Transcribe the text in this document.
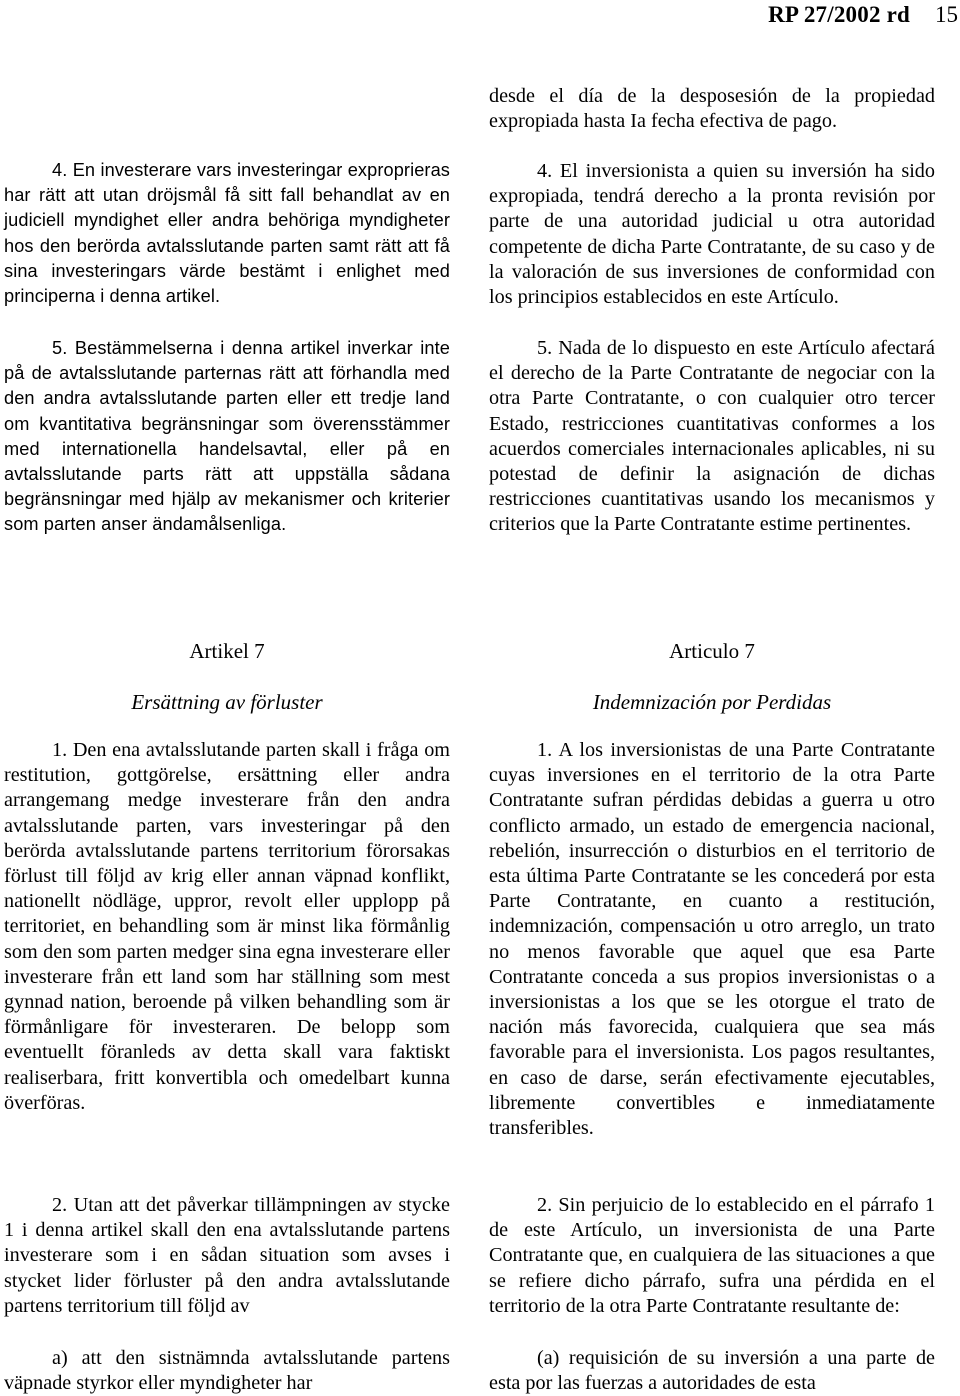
RP 27/2002 rd 15

4. En investerare vars investeringar exproprieras har rätt att utan dröjsmål få sitt fall behandlat av en judiciell myndighet eller andra behöriga myndigheter hos den berörda avtalsslutande parten samt rätt att få sina investeringars värde bestämt i enlighet med principerna i denna artikel.

5. Bestämmelserna i denna artikel inverkar inte på de avtalsslutande parternas rätt att förhandla med den andra avtalsslutande parten eller ett tredje land om kvantitativa begränsningar som överensstämmer med internationella handelsavtal, eller på en avtalsslutande parts rätt att uppställa sådana begränsningar med hjälp av mekanismer och kriterier som parten anser ändamålsenliga.

Artikel 7
Ersättning av förluster

1. Den ena avtalsslutande parten skall i fråga om restitution, gottgörelse, ersättning eller andra arrangemang medge investerare från den andra avtalsslutande parten, vars investeringar på den berörda avtalsslutande partens territorium förorsakas förlust till följd av krig eller annan väpnad konflikt, nationellt nödläge, uppror, revolt eller upplopp på territoriet, en behandling som är minst lika förmånlig som den som parten medger sina egna investerare eller investerare från ett land som har ställning som mest gynnad nation, beroende på vilken behandling som är förmånligare för investeraren. De belopp som eventuellt föranleds av detta skall vara faktiskt realiserbara, fritt konvertibla och omedelbart kunna överföras.

2. Utan att det påverkar tillämpningen av stycke 1 i denna artikel skall den ena avtalsslutande partens investerare som i en sådan situation som avses i stycket lider förluster på den andra avtalsslutande partens territorium till följd av

a) att den sistnämnda avtalsslutande partens väpnade styrkor eller myndigheter har

desde el día de la desposesión de la propiedad expropiada hasta Ia fecha efectiva de pago.

4. El inversionista a quien su inversión ha sido expropiada, tendrá derecho a la pronta revisión por parte de una autoridad judicial u otra autoridad competente de dicha Parte Contratante, de su caso y de la valoración de sus inversiones de conformidad con los principios establecidos en este Artículo.

5. Nada de lo dispuesto en este Artículo afectará el derecho de la Parte Contratante de negociar con la otra Parte Contratante, o con cualquier otro tercer Estado, restricciones cuantitativas conformes a los acuerdos comerciales internacionales aplicables, ni su potestad de definir la asignación de dichas restricciones cuantitativas usando los mecanismos y criterios que la Parte Contratante estime pertinentes.

Articulo 7
Indemnización por Perdidas

1. A los inversionistas de una Parte Contratante cuyas inversiones en el territorio de la otra Parte Contratante sufran pérdidas debidas a guerra u otro conflicto armado, un estado de emergencia nacional, rebelión, insurrección o disturbios en el territorio de esta última Parte Contratante se les concederá por esta Parte Contratante, en cuanto a restitución, indemnización, compensación u otro arreglo, un trato no menos favorable que aquel que esa Parte Contratante conceda a sus propios inversionistas o a inversionistas a los que se les otorgue el trato de nación más favorecida, cualquiera que sea más favorable para el inversionista. Los pagos resultantes, en caso de darse, serán efectivamente ejecutables, libremente convertibles e inmediatamente transferibles.

2. Sin perjuicio de lo establecido en el párrafo 1 de este Artículo, un inversionista de una Parte Contratante que, en cualquiera de las situaciones a que se refiere dicho párrafo, sufra una pérdida en el territorio de la otra Parte Contratante resultante de:

(a) requisición de su inversión a una parte de esta por las fuerzas a autoridades de esta
